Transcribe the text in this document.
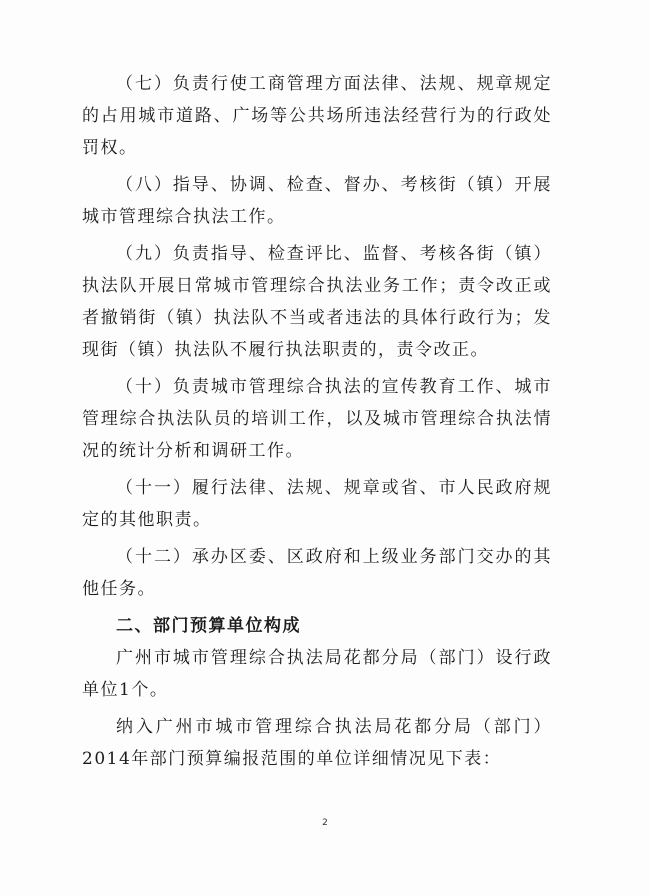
（七）负责行使工商管理方面法律、法规、规章规定的占用城市道路、广场等公共场所违法经营行为的行政处罚权。

（八）指导、协调、检查、督办、考核街（镇）开展城市管理综合执法工作。

（九）负责指导、检查评比、监督、考核各街（镇）执法队开展日常城市管理综合执法业务工作；责令改正或者撤销街（镇）执法队不当或者违法的具体行政行为；发现街（镇）执法队不履行执法职责的，责令改正。

（十）负责城市管理综合执法的宣传教育工作、城市管理综合执法队员的培训工作，以及城市管理综合执法情况的统计分析和调研工作。

（十一）履行法律、法规、规章或省、市人民政府规定的其他职责。

（十二）承办区委、区政府和上级业务部门交办的其他任务。

二、部门预算单位构成

广州市城市管理综合执法局花都分局（部门）设行政单位1个。

纳入广州市城市管理综合执法局花都分局（部门）2014年部门预算编报范围的单位详细情况见下表：

2
